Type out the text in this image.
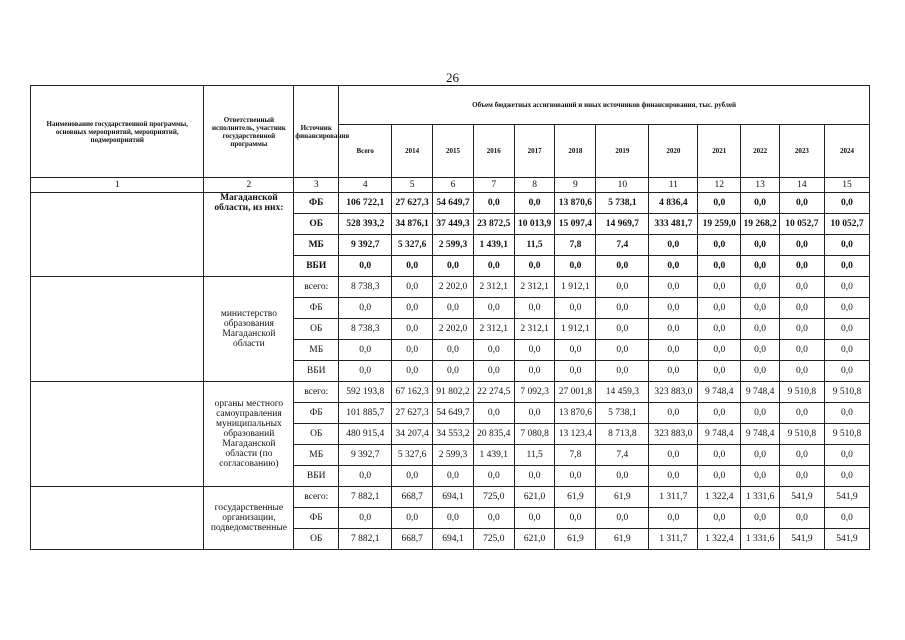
26
Наименование государственной программы, основных мероприятий, мероприятий, подмероприятий	Ответственный исполнитель, участник государственной программы	Источник финансирования	Объем бюджетных ассигнований и иных источников финансирования, тыс. рублей											
			Всего	2014	2015	2016	2017	2018	2019	2020	2021	2022	2023	2024
1	2	3	4	5	6	7	8	9	10	11	12	13	14	15
	Магаданской области, из них:	ФБ	106 722,1	27 627,3	54 649,7	0,0	0,0	13 870,6	5 738,1	4 836,4	0,0	0,0	0,0	0,0
		ОБ	528 393,2	34 876,1	37 449,3	23 872,5	10 013,9	15 097,4	14 969,7	333 481,7	19 259,0	19 268,2	10 052,7	10 052,7
		МБ	9 392,7	5 327,6	2 599,3	1 439,1	11,5	7,8	7,4	0,0	0,0	0,0	0,0	0,0
		ВБИ	0,0	0,0	0,0	0,0	0,0	0,0	0,0	0,0	0,0	0,0	0,0	0,0
	министерство образования Магаданской области	всего:	8 738,3	0,0	2 202,0	2 312,1	2 312,1	1 912,1	0,0	0,0	0,0	0,0	0,0	0,0
		ФБ	0,0	0,0	0,0	0,0	0,0	0,0	0,0	0,0	0,0	0,0	0,0	0,0
		ОБ	8 738,3	0,0	2 202,0	2 312,1	2 312,1	1 912,1	0,0	0,0	0,0	0,0	0,0	0,0
		МБ	0,0	0,0	0,0	0,0	0,0	0,0	0,0	0,0	0,0	0,0	0,0	0,0
		ВБИ	0,0	0,0	0,0	0,0	0,0	0,0	0,0	0,0	0,0	0,0	0,0	0,0
	органы местного самоуправления муниципальных образований Магаданской области (по согласованию)	всего:	592 193,8	67 162,3	91 802,2	22 274,5	7 092,3	27 001,8	14 459,3	323 883,0	9 748,4	9 748,4	9 510,8	9 510,8
		ФБ	101 885,7	27 627,3	54 649,7	0,0	0,0	13 870,6	5 738,1	0,0	0,0	0,0	0,0	0,0
		ОБ	480 915,4	34 207,4	34 553,2	20 835,4	7 080,8	13 123,4	8 713,8	323 883,0	9 748,4	9 748,4	9 510,8	9 510,8
		МБ	9 392,7	5 327,6	2 599,3	1 439,1	11,5	7,8	7,4	0,0	0,0	0,0	0,0	0,0
		ВБИ	0,0	0,0	0,0	0,0	0,0	0,0	0,0	0,0	0,0	0,0	0,0	0,0
	государственные организации, подведомственные	всего:	7 882,1	668,7	694,1	725,0	621,0	61,9	61,9	1 311,7	1 322,4	1 331,6	541,9	541,9
		ФБ	0,0	0,0	0,0	0,0	0,0	0,0	0,0	0,0	0,0	0,0	0,0	0,0
		ОБ	7 882,1	668,7	694,1	725,0	621,0	61,9	61,9	1 311,7	1 322,4	1 331,6	541,9	541,9
